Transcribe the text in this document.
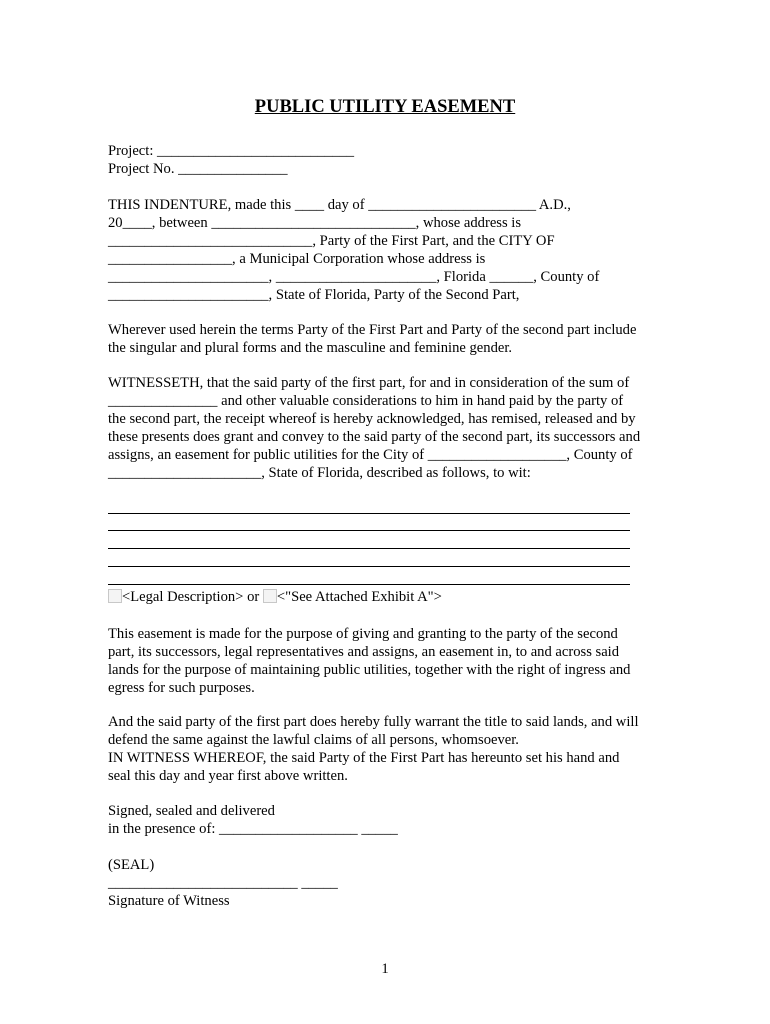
PUBLIC UTILITY EASEMENT
Project: ___________________________
Project No. _______________
THIS INDENTURE, made this ____ day of _______________________ A.D.,
20____, between ____________________________, whose address is
____________________________, Party of the First Part, and the CITY OF
_________________, a Municipal Corporation whose address is
______________________, ______________________, Florida ______, County of
______________________, State of Florida, Party of the Second Part,
Wherever used herein the terms Party of the First Part and Party of the second part include
the singular and plural forms and the masculine and feminine gender.
WITNESSETH, that the said party of the first part, for and in consideration of the sum of
_______________ and other valuable considerations to him in hand paid by the party of
the second part, the receipt whereof is hereby acknowledged, has remised, released and by
these presents does grant and convey to the said party of the second part, its successors and
assigns, an easement for public utilities for the City of ___________________, County of
_____________________, State of Florida, described as follows, to wit:
<Legal Description> or <"See Attached Exhibit A">
This easement is made for the purpose of giving and granting to the party of the second
part, its successors, legal representatives and assigns, an easement in, to and across said
lands for the purpose of maintaining public utilities, together with the right of ingress and
egress for such purposes.
And the said party of the first part does hereby fully warrant the title to said lands, and will
defend the same against the lawful claims of all persons, whomsoever.
IN WITNESS WHEREOF, the said Party of the First Part has hereunto set his hand and
seal this day and year first above written.
Signed, sealed and delivered
in the presence of: ___________________ _____
(SEAL)
__________________________ _____
Signature of Witness
1
